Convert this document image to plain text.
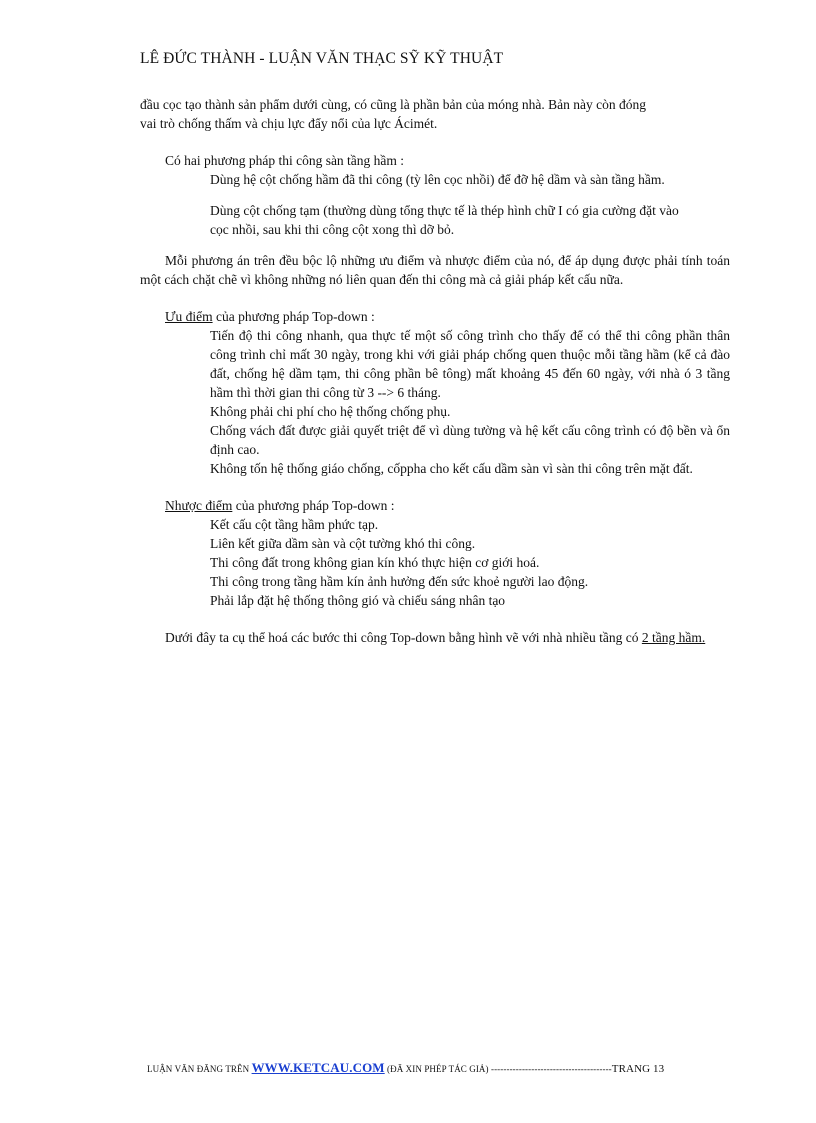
LÊ ĐỨC THÀNH - LUẬN VĂN THẠC SỸ KỸ THUẬT

đầu cọc tạo thành sản phẩm dưới cùng, có cũng là phần bản của móng nhà. Bản này còn đóng

vai trò chống thấm và chịu lực đẩy nổi của lực Ácimét.

Có hai phương pháp thi công sàn tầng hầm :

Dùng hệ cột chống hầm đã thi công (tỳ lên cọc nhồi) để đỡ hệ dầm và sàn tầng hầm.

Dùng cột chống tạm (thường dùng tổng thực tế là thép hình chữ I có gia cường đặt vào

cọc nhồi, sau khi thi công cột xong thì dỡ bỏ.

Mỗi phương án trên đều bộc lộ những ưu điểm và nhược điểm của nó, để áp dụng được phải tính toán một cách chặt chẽ vì không những nó liên quan đến thi công mà cả giải pháp kết cấu nữa.

Ưu điểm của phương pháp Top-down :

Tiến độ thi công nhanh, qua thực tế một số công trình cho thấy để có thể thi công phần thân công trình chỉ mất 30 ngày, trong khi với giải pháp chống quen thuộc mỗi tầng hầm (kể cả đào đất, chống hệ dầm tạm, thi công phần bê tông) mất khoảng 45 đến 60 ngày, với nhà ó 3 tầng hầm thì thời gian thi công từ 3 --> 6 tháng.

Không phải chi phí cho hệ thống chống phụ.

Chống vách đất được giải quyết triệt để vì dùng tường và hệ kết cấu công trình có độ bền và ổn định cao.

Không tốn hệ thống giáo chống, cốppha cho kết cấu dầm sàn vì sàn thi công trên mặt đất.

Nhược điểm của phương pháp Top-down :

Kết cấu cột tầng hầm phức tạp.

Liên kết giữa dầm sàn và cột tường khó thi công.

Thi công đất trong không gian kín khó thực hiện cơ giới hoá.

Thi công trong tầng hầm kín ảnh hưởng đến sức khoẻ người lao động.

Phải lắp đặt hệ thống thông gió và chiếu sáng nhân tạo

Dưới đây ta cụ thể hoá các bước thi công Top-down bằng hình vẽ với nhà nhiều tầng có 2 tầng hầm.

LUẬN VĂN ĐĂNG TRÊN WWW.KETCAU.COM (ĐÃ XIN PHÉP TÁC GIẢ) ---------------------------------------TRANG 13
